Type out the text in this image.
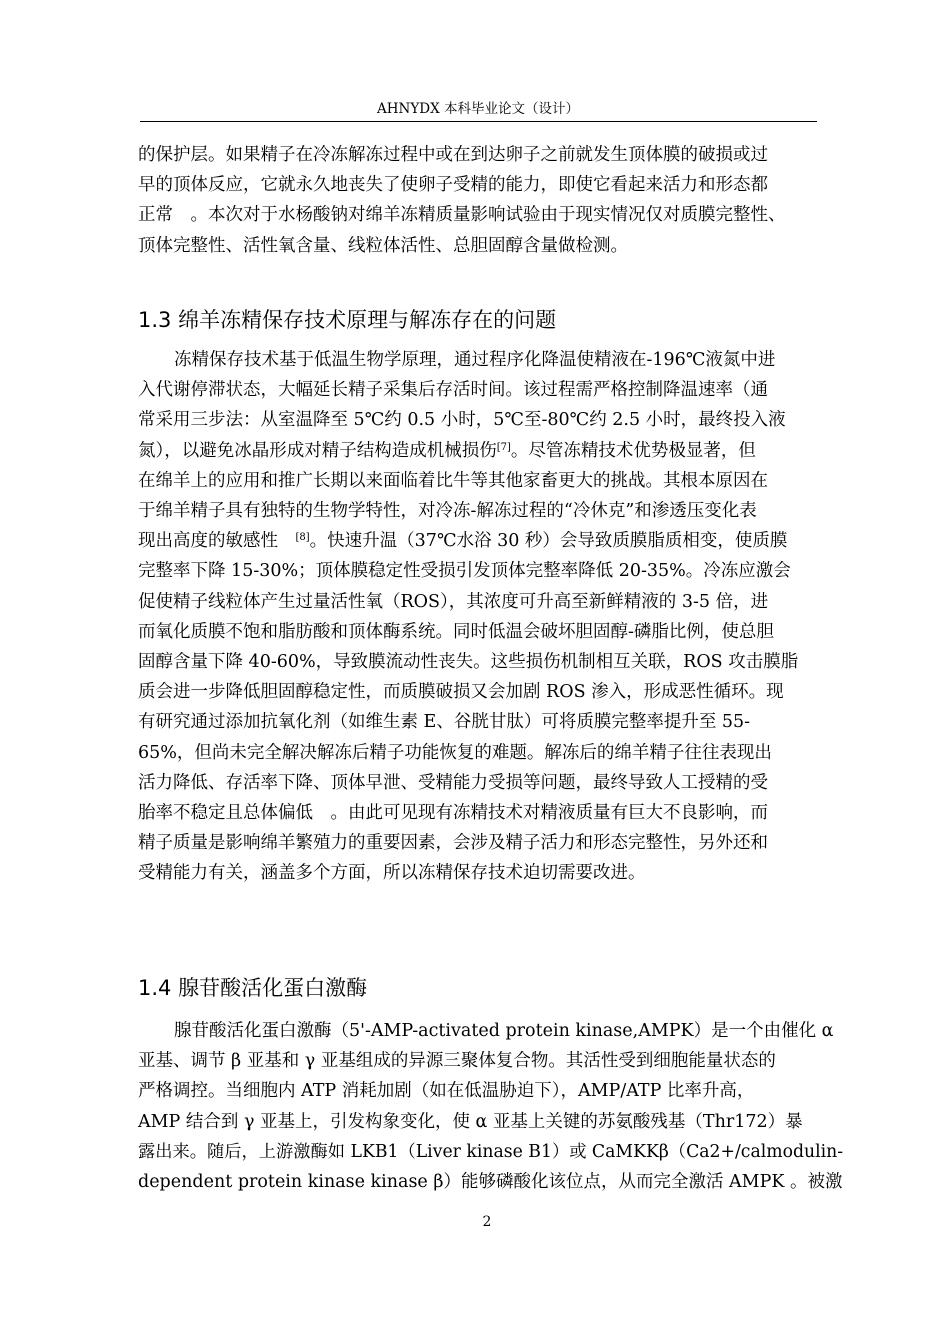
AHNYDX 本科毕业论文（设计）
的保护层。如果精子在冷冻解冻过程中或在到达卵子之前就发生顶体膜的破损或过
早的顶体反应，它就永久地丧失了使卵子受精的能力，即使它看起来活力和形态都
正常　。本次对于水杨酸钠对绵羊冻精质量影响试验由于现实情况仅对质膜完整性、
顶体完整性、活性氧含量、线粒体活性、总胆固醇含量做检测。
1.3 绵羊冻精保存技术原理与解冻存在的问题
冻精保存技术基于低温生物学原理，通过程序化降温使精液在-196℃液氮中进
入代谢停滞状态，大幅延长精子采集后存活时间。该过程需严格控制降温速率（通
常采用三步法：从室温降至 5℃约 0.5 小时，5℃至-80℃约 2.5 小时，最终投入液
氮），以避免冰晶形成对精子结构造成机械损伤[7]。尽管冻精技术优势极显著，但
在绵羊上的应用和推广长期以来面临着比牛等其他家畜更大的挑战。其根本原因在
于绵羊精子具有独特的生物学特性，对冷冻-解冻过程的“冷休克”和渗透压变化表
现出高度的敏感性　[8]。快速升温（37℃水浴 30 秒）会导致质膜脂质相变，使质膜
完整率下降 15-30%；顶体膜稳定性受损引发顶体完整率降低 20-35%。冷冻应激会
促使精子线粒体产生过量活性氧（ROS），其浓度可升高至新鲜精液的 3-5 倍，进
而氧化质膜不饱和脂肪酸和顶体酶系统。同时低温会破坏胆固醇-磷脂比例，使总胆
固醇含量下降 40-60%，导致膜流动性丧失。这些损伤机制相互关联，ROS 攻击膜脂
质会进一步降低胆固醇稳定性，而质膜破损又会加剧 ROS 渗入，形成恶性循环。现
有研究通过添加抗氧化剂（如维生素 E、谷胱甘肽）可将质膜完整率提升至 55-
65%，但尚未完全解决解冻后精子功能恢复的难题。解冻后的绵羊精子往往表现出
活力降低、存活率下降、顶体早泄、受精能力受损等问题，最终导致人工授精的受
胎率不稳定且总体偏低　。由此可见现有冻精技术对精液质量有巨大不良影响，而
精子质量是影响绵羊繁殖力的重要因素，会涉及精子活力和形态完整性，另外还和
受精能力有关，涵盖多个方面，所以冻精保存技术迫切需要改进。
1.4 腺苷酸活化蛋白激酶
腺苷酸活化蛋白激酶（5'-AMP-activated protein kinase,AMPK）是一个由催化 α
亚基、调节 β 亚基和 γ 亚基组成的异源三聚体复合物。其活性受到细胞能量状态的
严格调控。当细胞内 ATP 消耗加剧（如在低温胁迫下），AMP/ATP 比率升高，
AMP 结合到 γ 亚基上，引发构象变化，使 α 亚基上关键的苏氨酸残基（Thr172）暴
露出来。随后，上游激酶如 LKB1（Liver kinase B1）或 CaMKKβ（Ca2+/calmodulin-
dependent protein kinase kinase β）能够磷酸化该位点，从而完全激活 AMPK 。被激
2
